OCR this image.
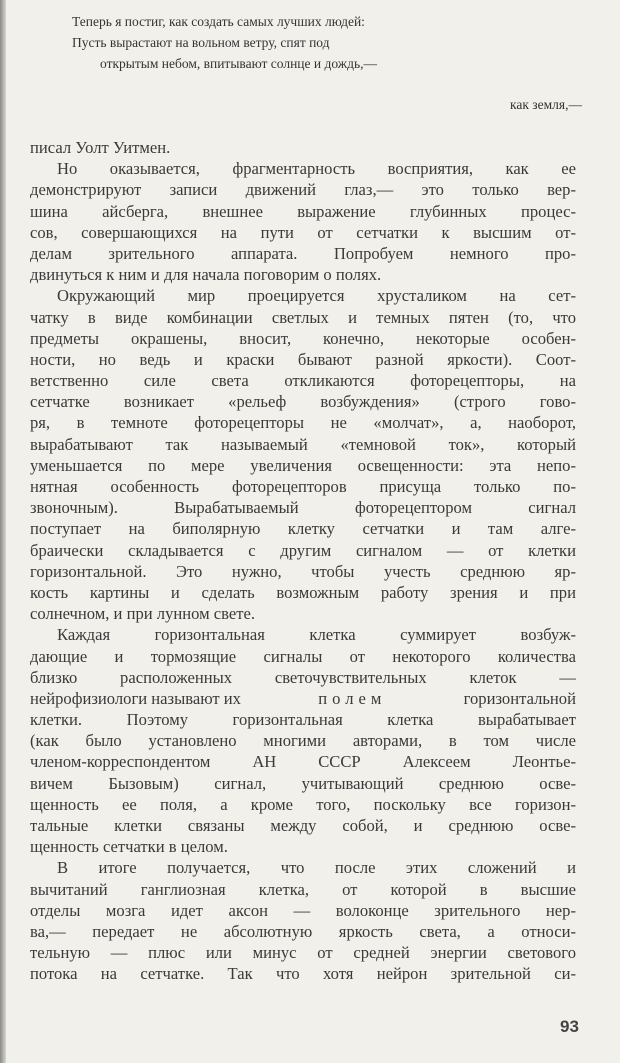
Теперь я постиг, как создать самых лучших людей:
Пусть вырастают на вольном ветру, спят под
открытым небом, впитывают солнце и дождь,—
как земля,—
писал Уолт Уитмен.
Но оказывается, фрагментарность восприятия, как ее
демонстрируют записи движений глаз,— это только вер-
шина айсберга, внешнее выражение глубинных процес-
сов, совершающихся на пути от сетчатки к высшим от-
делам зрительного аппарата. Попробуем немного про-
двинуться к ним и для начала поговорим о полях.
Окружающий мир проецируется хрусталиком на сет-
чатку в виде комбинации светлых и темных пятен (то, что
предметы окрашены, вносит, конечно, некоторые особен-
ности, но ведь и краски бывают разной яркости). Соот-
ветственно силе света откликаются фоторецепторы, на
сетчатке возникает «рельеф возбуждения» (строго гово-
ря, в темноте фоторецепторы не «молчат», а, наоборот,
вырабатывают так называемый «темновой ток», который
уменьшается по мере увеличения освещенности: эта непо-
нятная особенность фоторецепторов присуща только по-
звоночным). Вырабатываемый фоторецептором сигнал
поступает на биполярную клетку сетчатки и там алге-
браически складывается с другим сигналом — от клетки
горизонтальной. Это нужно, чтобы учесть среднюю яр-
кость картины и сделать возможным работу зрения и при
солнечном, и при лунном свете.
Каждая горизонтальная клетка суммирует возбуж-
дающие и тормозящие сигналы от некоторого количества
близко расположенных светочувствительных клеток —
нейрофизиологи называют их	полем	горизонтальной
клетки. Поэтому горизонтальная клетка вырабатывает
(как было установлено многими авторами, в том числе
членом-корреспондентом АН СССР Алексеем Леонтье-
вичем Бызовым) сигнал, учитывающий среднюю осве-
щенность ее поля, а кроме того, поскольку все горизон-
тальные клетки связаны между собой, и среднюю осве-
щенность сетчатки в целом.
В итоге получается, что после этих сложений и
вычитаний ганглиозная клетка, от которой в высшие
отделы мозга идет аксон — волоконце зрительного нер-
ва,— передает не абсолютную яркость света, а относи-
тельную — плюс или минус от средней энергии светового
потока на сетчатке. Так что хотя нейрон зрительной си-
93
